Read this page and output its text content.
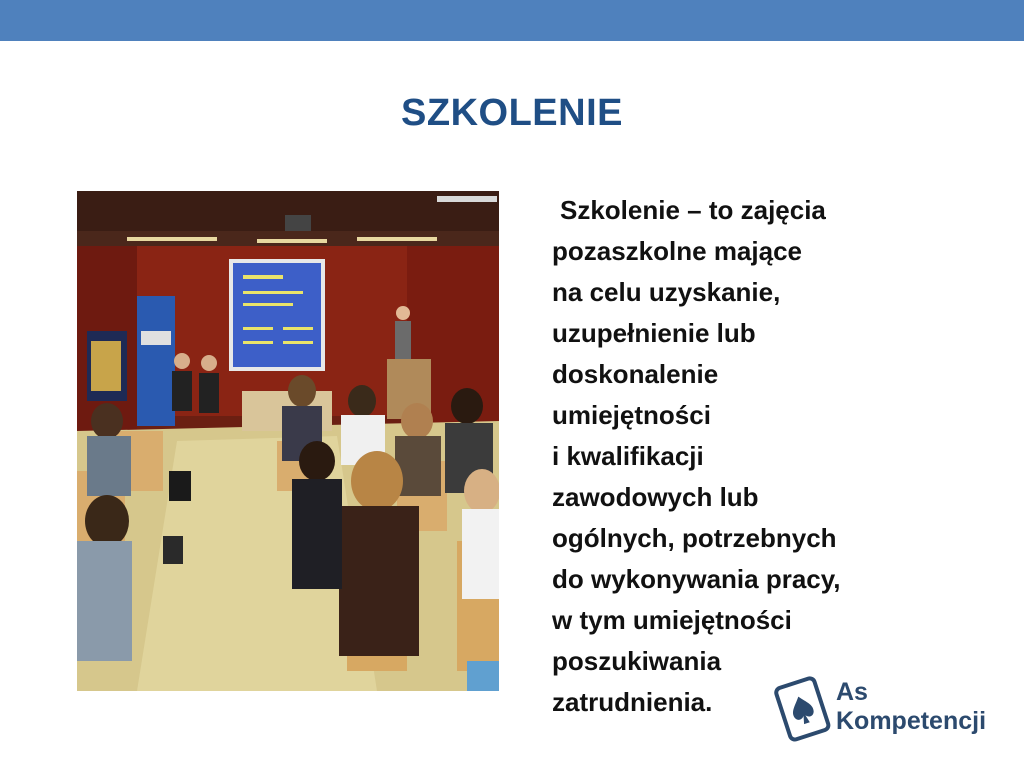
SZKOLENIE
Szkolenie – to zajęcia
pozaszkolne mające
na celu uzyskanie,
uzupełnienie lub
doskonalenie
umiejętności
i kwalifikacji
zawodowych lub
ogólnych, potrzebnych
do wykonywania pracy,
w tym umiejętności
poszukiwania
zatrudnienia.	As
Kompetencji
